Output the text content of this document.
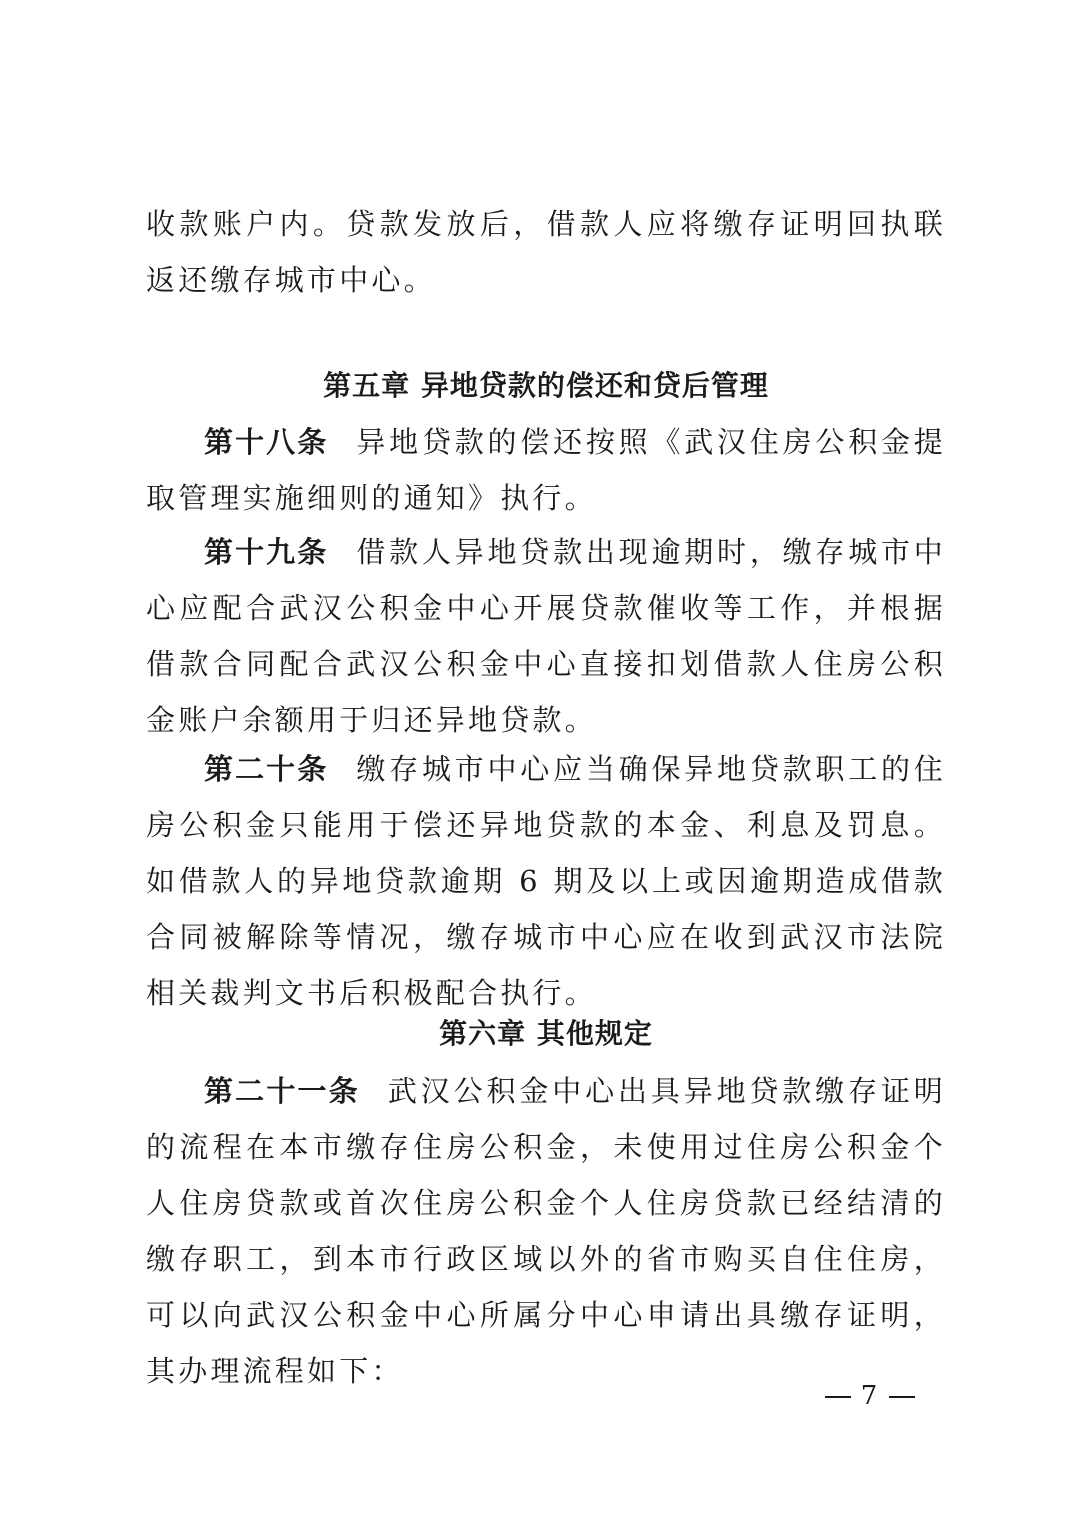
收款账户内。贷款发放后，借款人应将缴存证明回执联返还缴存城市中心。

第五章 异地贷款的偿还和贷后管理

第十八条 异地贷款的偿还按照《武汉住房公积金提取管理实施细则的通知》执行。

第十九条 借款人异地贷款出现逾期时，缴存城市中心应配合武汉公积金中心开展贷款催收等工作，并根据借款合同配合武汉公积金中心直接扣划借款人住房公积金账户余额用于归还异地贷款。

第二十条 缴存城市中心应当确保异地贷款职工的住房公积金只能用于偿还异地贷款的本金、利息及罚息。如借款人的异地贷款逾期 6 期及以上或因逾期造成借款合同被解除等情况，缴存城市中心应在收到武汉市法院相关裁判文书后积极配合执行。

第六章 其他规定

第二十一条 武汉公积金中心出具异地贷款缴存证明的流程在本市缴存住房公积金，未使用过住房公积金个人住房贷款或首次住房公积金个人住房贷款已经结清的缴存职工，到本市行政区域以外的省市购买自住住房，可以向武汉公积金中心所属分中心申请出具缴存证明，其办理流程如下：

7
